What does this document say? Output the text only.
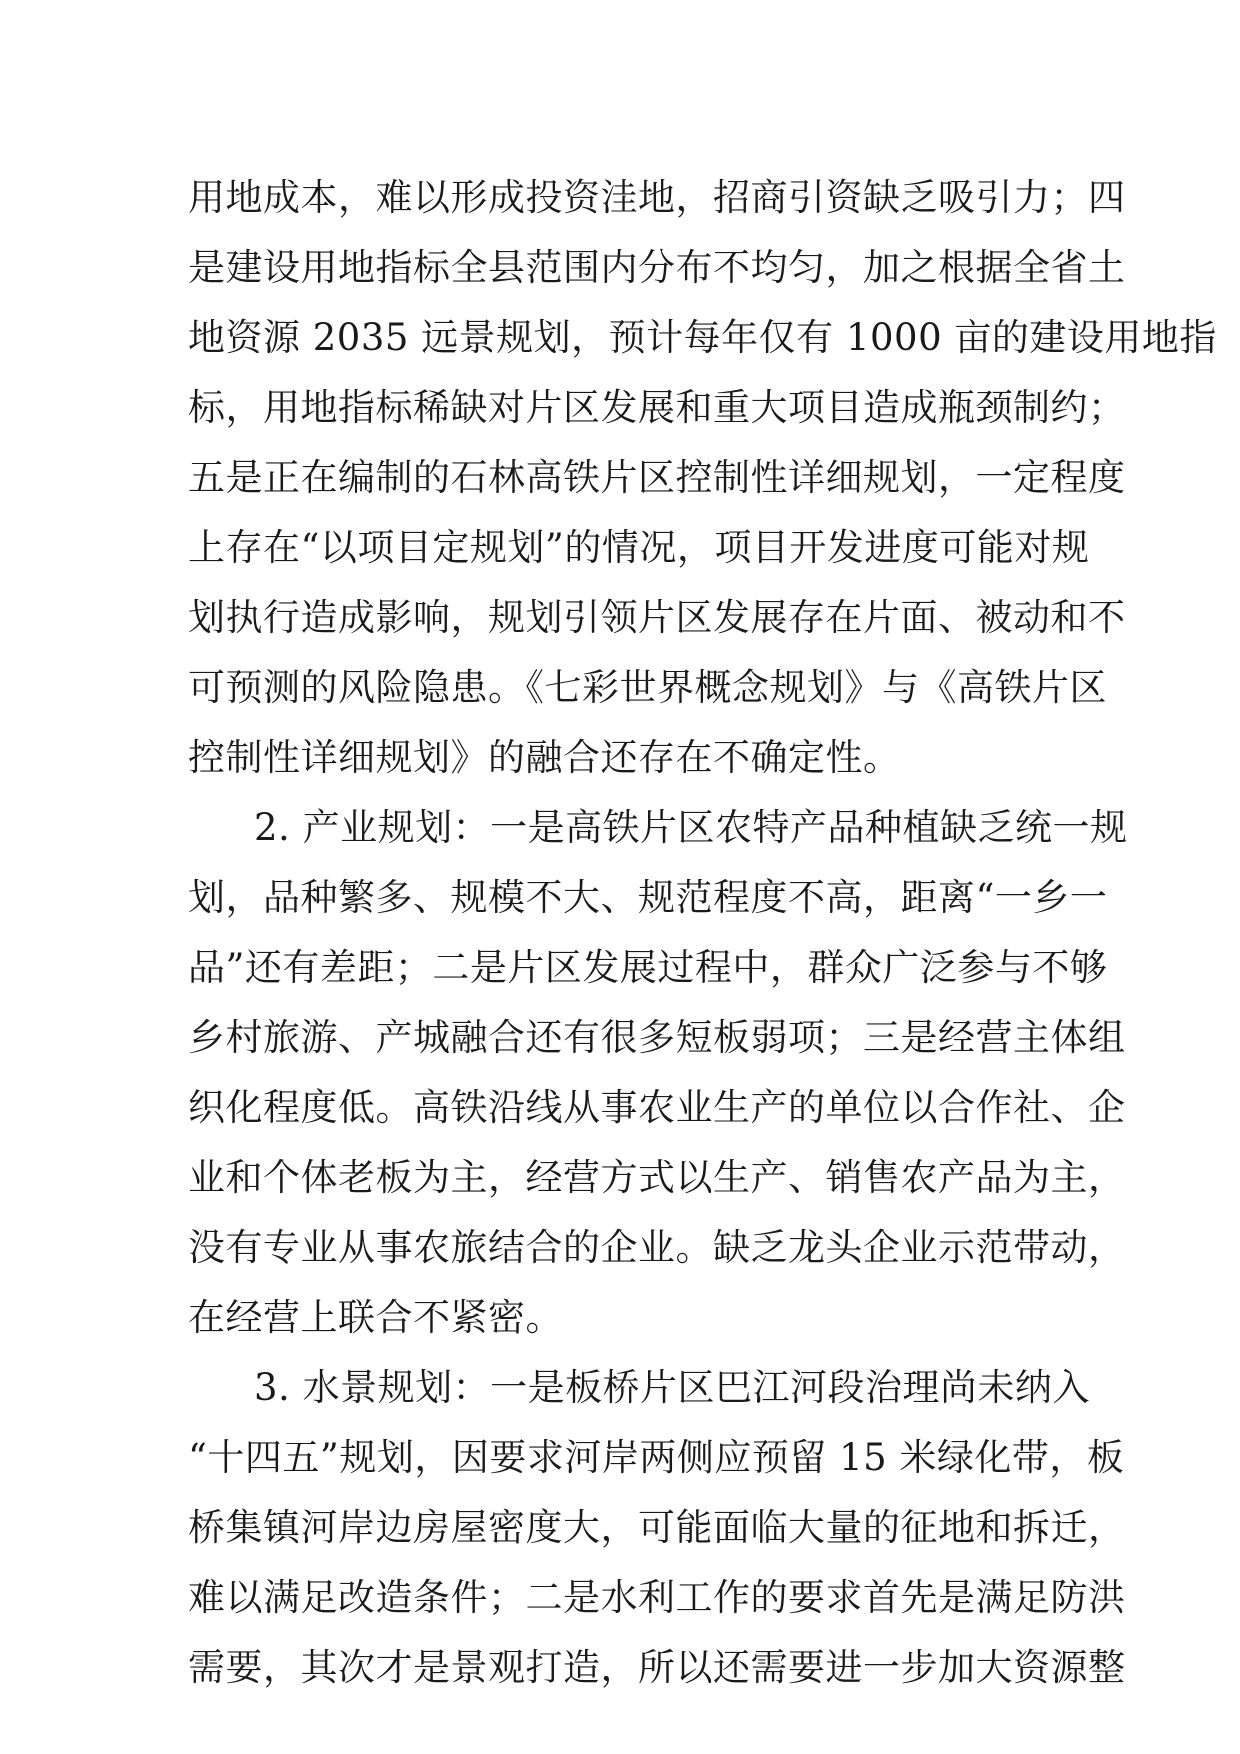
用地成本，难以形成投资洼地，招商引资缺乏吸引力；四
是建设用地指标全县范围内分布不均匀，加之根据全省土
地资源 2035 远景规划，预计每年仅有 1000 亩的建设用地指
标，用地指标稀缺对片区发展和重大项目造成瓶颈制约；
五是正在编制的石林高铁片区控制性详细规划，一定程度
上存在“以项目定规划”的情况，项目开发进度可能对规
划执行造成影响，规划引领片区发展存在片面、被动和不
可预测的风险隐患。《七彩世界概念规划》与《高铁片区
控制性详细规划》的融合还存在不确定性。
2. 产业规划：一是高铁片区农特产品种植缺乏统一规
划，品种繁多、规模不大、规范程度不高，距离“一乡一
品”还有差距；二是片区发展过程中，群众广泛参与不够
乡村旅游、产城融合还有很多短板弱项；三是经营主体组
织化程度低。高铁沿线从事农业生产的单位以合作社、企
业和个体老板为主，经营方式以生产、销售农产品为主，
没有专业从事农旅结合的企业。缺乏龙头企业示范带动，
在经营上联合不紧密。
3. 水景规划：一是板桥片区巴江河段治理尚未纳入
“十四五”规划，因要求河岸两侧应预留 15 米绿化带，板
桥集镇河岸边房屋密度大，可能面临大量的征地和拆迁，
难以满足改造条件；二是水利工作的要求首先是满足防洪
需要，其次才是景观打造，所以还需要进一步加大资源整
